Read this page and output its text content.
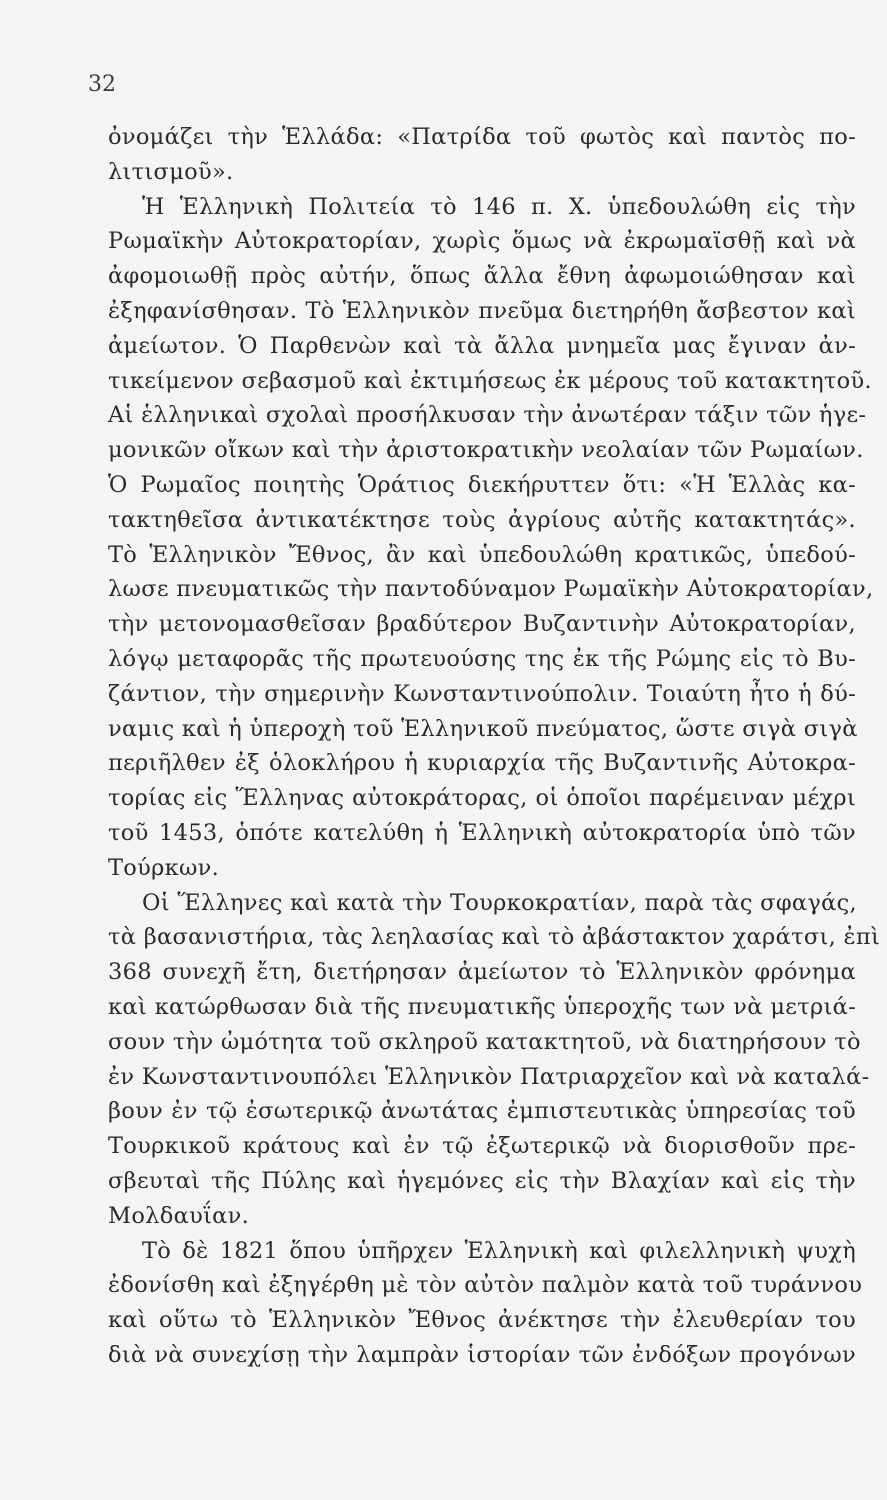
32
ὀνομάζει τὴν Ἑλλάδα: «Πατρίδα τοῦ φωτὸς καὶ παντὸς πο-
λιτισμοῦ».
Ἡ Ἑλληνικὴ Πολιτεία τὸ 146 π. Χ. ὑπεδουλώθη εἰς τὴν
Ρωμαϊκὴν Αὐτοκρατορίαν, χωρὶς ὅμως νὰ ἐκρωμαϊσθῇ καὶ νὰ
ἀφομοιωθῇ πρὸς αὐτήν, ὅπως ἄλλα ἔθνη ἀφωμοιώθησαν καὶ
ἐξηφανίσθησαν. Τὸ Ἑλληνικὸν πνεῦμα διετηρήθη ἄσβεστον καὶ
ἀμείωτον. Ὁ Παρθενὼν καὶ τὰ ἄλλα μνημεῖα μας ἔγιναν ἀν-
τικείμενον σεβασμοῦ καὶ ἐκτιμήσεως ἐκ μέρους τοῦ κατακτητοῦ.
Αἱ ἑλληνικαὶ σχολαὶ προσήλκυσαν τὴν ἀνωτέραν τάξιν τῶν ἡγε-
μονικῶν οἴκων καὶ τὴν ἀριστοκρατικὴν νεολαίαν τῶν Ρωμαίων.
Ὁ Ρωμαῖος ποιητὴς Ὁράτιος διεκήρυττεν ὅτι: «Ἡ Ἑλλὰς κα-
τακτηθεῖσα ἀντικατέκτησε τοὺς ἀγρίους αὐτῆς κατακτητάς».
Τὸ Ἑλληνικὸν Ἔθνος, ἂν καὶ ὑπεδουλώθη κρατικῶς, ὑπεδού-
λωσε πνευματικῶς τὴν παντοδύναμον Ρωμαϊκὴν Αὐτοκρατορίαν,
τὴν μετονομασθεῖσαν βραδύτερον Βυζαντινὴν Αὐτοκρατορίαν,
λόγῳ μεταφορᾶς τῆς πρωτευούσης της ἐκ τῆς Ρώμης εἰς τὸ Βυ-
ζάντιον, τὴν σημερινὴν Κωνσταντινούπολιν. Τοιαύτη ἦτο ἡ δύ-
ναμις καὶ ἡ ὑπεροχὴ τοῦ Ἑλληνικοῦ πνεύματος, ὥστε σιγὰ σιγὰ
περιῆλθεν ἐξ ὁλοκλήρου ἡ κυριαρχία τῆς Βυζαντινῆς Αὐτοκρα-
τορίας εἰς Ἕλληνας αὐτοκράτορας, οἱ ὁποῖοι παρέμειναν μέχρι
τοῦ 1453, ὁπότε κατελύθη ἡ Ἑλληνικὴ αὐτοκρατορία ὑπὸ τῶν
Τούρκων.
Οἱ Ἕλληνες καὶ κατὰ τὴν Τουρκοκρατίαν, παρὰ τὰς σφαγάς,
τὰ βασανιστήρια, τὰς λεηλασίας καὶ τὸ ἀβάστακτον χαράτσι, ἐπὶ
368 συνεχῆ ἔτη, διετήρησαν ἀμείωτον τὸ Ἑλληνικὸν φρόνημα
καὶ κατώρθωσαν διὰ τῆς πνευματικῆς ὑπεροχῆς των νὰ μετριά-
σουν τὴν ὠμότητα τοῦ σκληροῦ κατακτητοῦ, νὰ διατηρήσουν τὸ
ἐν Κωνσταντινουπόλει Ἑλληνικὸν Πατριαρχεῖον καὶ νὰ καταλά-
βουν ἐν τῷ ἐσωτερικῷ ἀνωτάτας ἐμπιστευτικὰς ὑπηρεσίας τοῦ
Τουρκικοῦ κράτους καὶ ἐν τῷ ἐξωτερικῷ νὰ διορισθοῦν πρε-
σβευταὶ τῆς Πύλης καὶ ἡγεμόνες εἰς τὴν Βλαχίαν καὶ εἰς τὴν
Μολδαυΐαν.
Τὸ δὲ 1821 ὅπου ὑπῆρχεν Ἑλληνικὴ καὶ φιλελληνικὴ ψυχὴ
ἐδονίσθη καὶ ἐξηγέρθη μὲ τὸν αὐτὸν παλμὸν κατὰ τοῦ τυράννου
καὶ οὕτω τὸ Ἑλληνικὸν Ἔθνος ἀνέκτησε τὴν ἐλευθερίαν του
διὰ νὰ συνεχίσῃ τὴν λαμπρὰν ἱστορίαν τῶν ἐνδόξων προγόνων
